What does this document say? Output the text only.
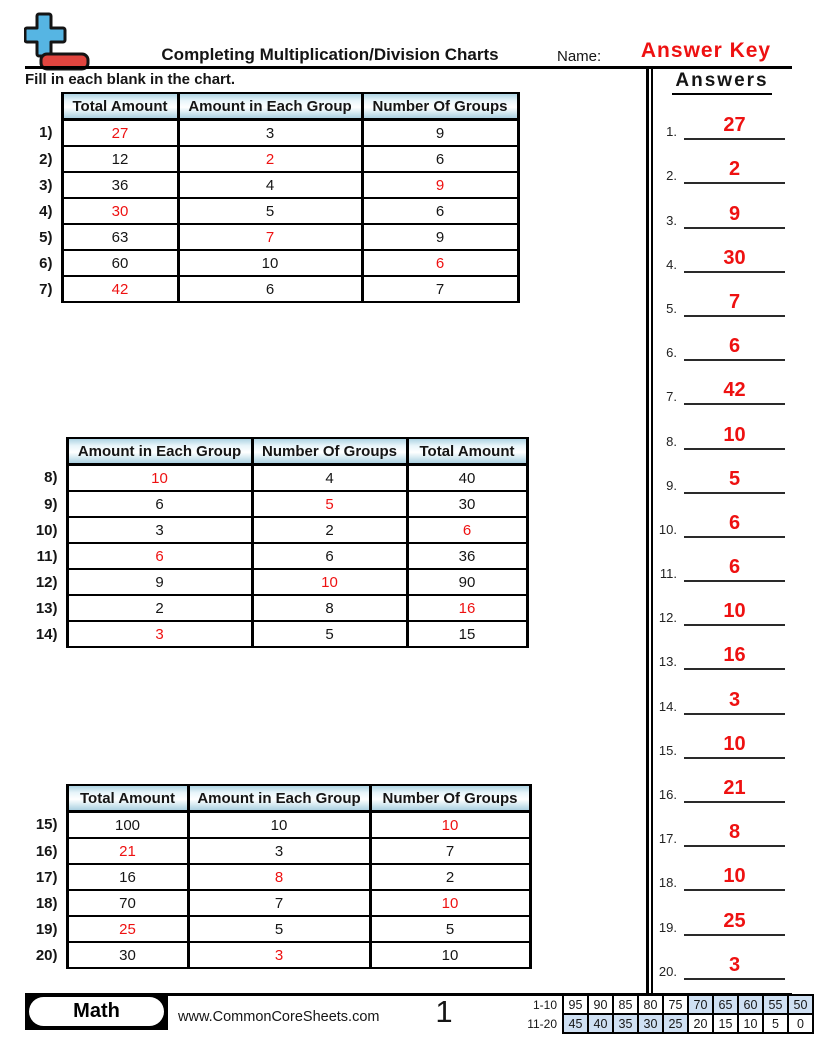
Completing Multiplication/Division Charts	Name:	Answer Key
Fill in each blank in the chart.
	Total Amount	Amount in Each Group	Number Of Groups
1)	27	3	9
2)	12	2	6
3)	36	4	9
4)	30	5	6
5)	63	7	9
6)	60	10	6
7)	42	6	7
	Amount in Each Group	Number Of Groups	Total Amount
8)	10	4	40
9)	6	5	30
10)	3	2	6
11)	6	6	36
12)	9	10	90
13)	2	8	16
14)	3	5	15
	Total Amount	Amount in Each Group	Number Of Groups
15)	100	10	10
16)	21	3	7
17)	16	8	2
18)	70	7	10
19)	25	5	5
20)	30	3	10
Answers
1.	27
2.	2
3.	9
4.	30
5.	7
6.	6
7.	42
8.	10
9.	5
10.	6
11.	6
12.	10
13.	16
14.	3
15.	10
16.	21
17.	8
18.	10
19.	25
20.	3
Math	www.CommonCoreSheets.com	1	1-10	95	90	85	80	75	70	65	60	55	50
11-20	45	40	35	30	25	20	15	10	5	0
